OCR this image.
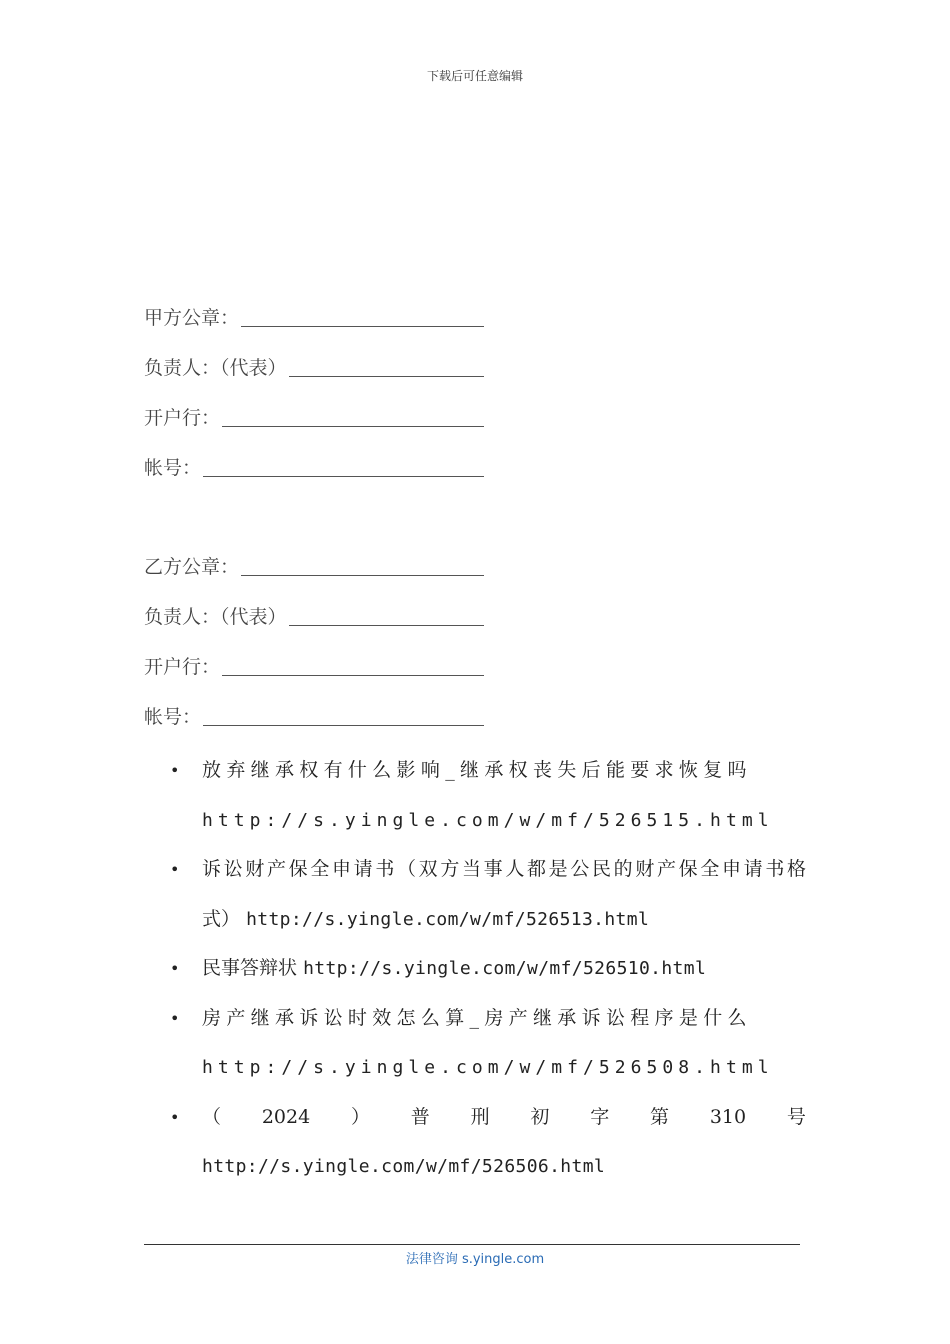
下载后可任意编辑
甲方公章：
负责人：（代表）
开户行：
帐号：
乙方公章：
负责人：（代表）
开户行：
帐号：
• 放弃继承权有什么影响_继承权丧失后能要求恢复吗
http://s.yingle.com/w/mf/526515.html
• 诉讼财产保全申请书（双方当事人都是公民的财产保全申请书格式） http://s.yingle.com/w/mf/526513.html
• 民事答辩状 http://s.yingle.com/w/mf/526510.html
• 房产继承诉讼时效怎么算_房产继承诉讼程序是什么
http://s.yingle.com/w/mf/526508.html
• （ 2024 ） 普 刑 初 字 第 310 号
http://s.yingle.com/w/mf/526506.html
法律咨询 s.yingle.com
